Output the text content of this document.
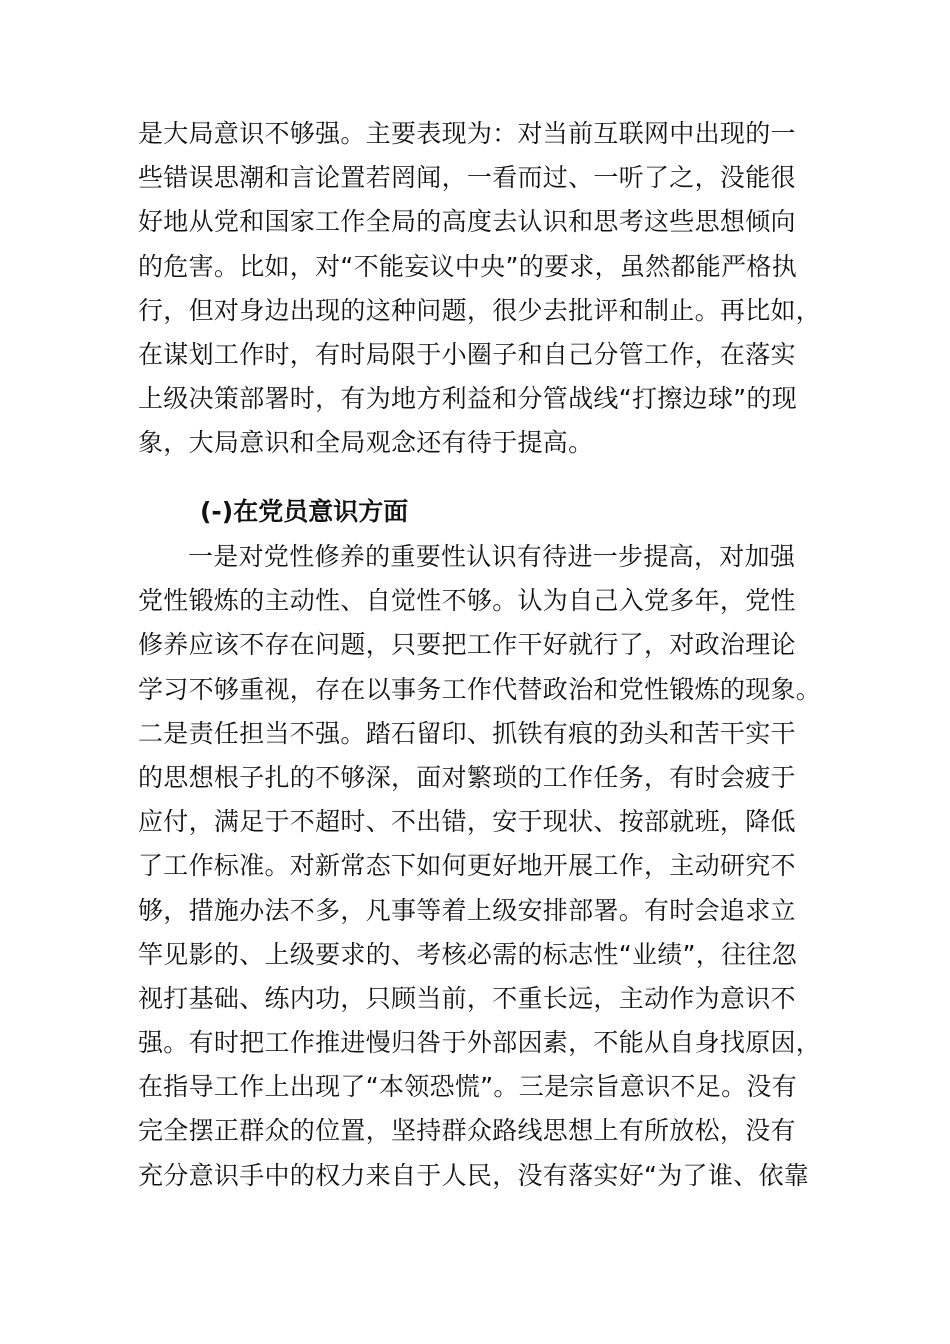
是大局意识不够强。主要表现为：对当前互联网中出现的一
些错误思潮和言论置若罔闻，一看而过、一听了之，没能很
好地从党和国家工作全局的高度去认识和思考这些思想倾向
的危害。比如，对“不能妄议中央”的要求，虽然都能严格执
行，但对身边出现的这种问题，很少去批评和制止。再比如，
在谋划工作时，有时局限于小圈子和自己分管工作，在落实
上级决策部署时，有为地方利益和分管战线“打擦边球”的现
象，大局意识和全局观念还有待于提高。
(-)在党员意识方面
一是对党性修养的重要性认识有待进一步提高，对加强
党性锻炼的主动性、自觉性不够。认为自己入党多年，党性
修养应该不存在问题，只要把工作干好就行了，对政治理论
学习不够重视，存在以事务工作代替政治和党性锻炼的现象。
二是责任担当不强。踏石留印、抓铁有痕的劲头和苦干实干
的思想根子扎的不够深，面对繁琐的工作任务，有时会疲于
应付，满足于不超时、不出错，安于现状、按部就班，降低
了工作标准。对新常态下如何更好地开展工作，主动研究不
够，措施办法不多，凡事等着上级安排部署。有时会追求立
竿见影的、上级要求的、考核必需的标志性“业绩”，往往忽
视打基础、练内功，只顾当前，不重长远，主动作为意识不
强。有时把工作推进慢归咎于外部因素，不能从自身找原因，
在指导工作上出现了“本领恐慌”。三是宗旨意识不足。没有
完全摆正群众的位置，坚持群众路线思想上有所放松，没有
充分意识手中的权力来自于人民，没有落实好“为了谁、依靠
